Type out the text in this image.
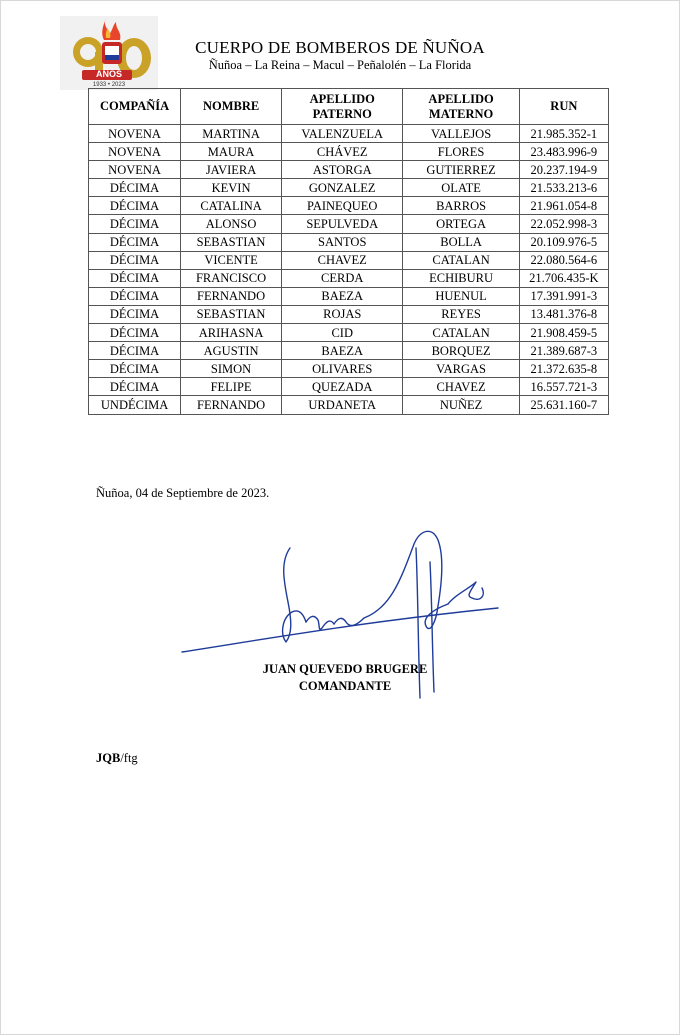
AÑOS
1933 • 2023
CUERPO DE BOMBEROS DE ÑUÑOA
Ñuñoa – La Reina – Macul – Peñalolén – La Florida
COMPAÑÍA	NOMBRE	APELLIDO PATERNO	APELLIDO MATERNO	RUN
NOVENA	MARTINA	VALENZUELA	VALLEJOS	21.985.352-1
NOVENA	MAURA	CHÁVEZ	FLORES	23.483.996-9
NOVENA	JAVIERA	ASTORGA	GUTIERREZ	20.237.194-9
DÉCIMA	KEVIN	GONZALEZ	OLATE	21.533.213-6
DÉCIMA	CATALINA	PAINEQUEO	BARROS	21.961.054-8
DÉCIMA	ALONSO	SEPULVEDA	ORTEGA	22.052.998-3
DÉCIMA	SEBASTIAN	SANTOS	BOLLA	20.109.976-5
DÉCIMA	VICENTE	CHAVEZ	CATALAN	22.080.564-6
DÉCIMA	FRANCISCO	CERDA	ECHIBURU	21.706.435-K
DÉCIMA	FERNANDO	BAEZA	HUENUL	17.391.991-3
DÉCIMA	SEBASTIAN	ROJAS	REYES	13.481.376-8
DÉCIMA	ARIHASNA	CID	CATALAN	21.908.459-5
DÉCIMA	AGUSTIN	BAEZA	BORQUEZ	21.389.687-3
DÉCIMA	SIMON	OLIVARES	VARGAS	21.372.635-8
DÉCIMA	FELIPE	QUEZADA	CHAVEZ	16.557.721-3
UNDÉCIMA	FERNANDO	URDANETA	NUÑEZ	25.631.160-7
Ñuñoa, 04 de Septiembre de 2023.
JUAN QUEVEDO BRUGERE
COMANDANTE
JQB/ftg
